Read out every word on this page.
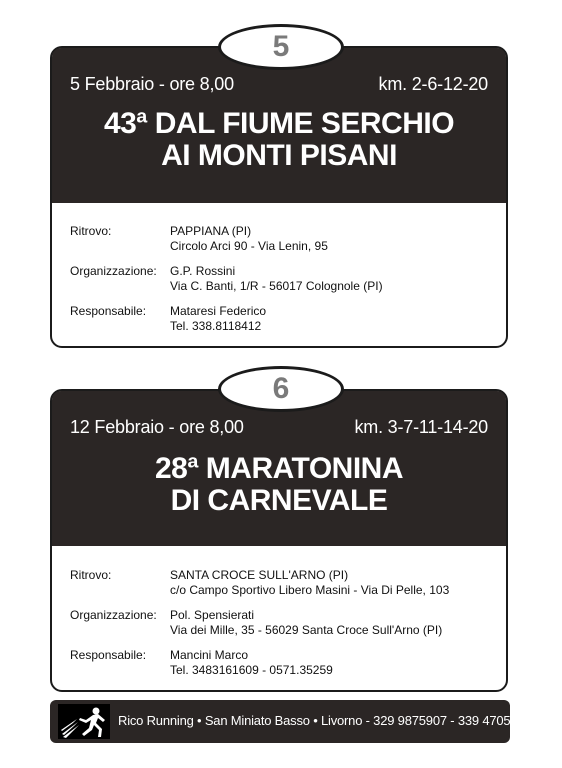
5 Febbraio - ore 8,00	km. 2-6-12-20
43ª DAL FIUME SERCHIO
AI MONTI PISANI
Ritrovo:	PAPPIANA (PI)
Circolo Arci 90 - Via Lenin, 95
Organizzazione:	G.P. Rossini
Via C. Banti, 1/R - 56017 Colognole (PI)
Responsabile:	Mataresi Federico
Tel. 338.8118412
5
12 Febbraio - ore 8,00	km. 3-7-11-14-20
28ª MARATONINA
DI CARNEVALE
Ritrovo:	SANTA CROCE SULL'ARNO (PI)
c/o Campo Sportivo Libero Masini - Via Di Pelle, 103
Organizzazione:	Pol. Spensierati
Via dei Mille, 35 - 56029 Santa Croce Sull'Arno (PI)
Responsabile:	Mancini Marco
Tel. 3483161609 - 0571.35259
6
Rico Running • San Miniato Basso • Livorno - 329 9875907 - 339 4705304
